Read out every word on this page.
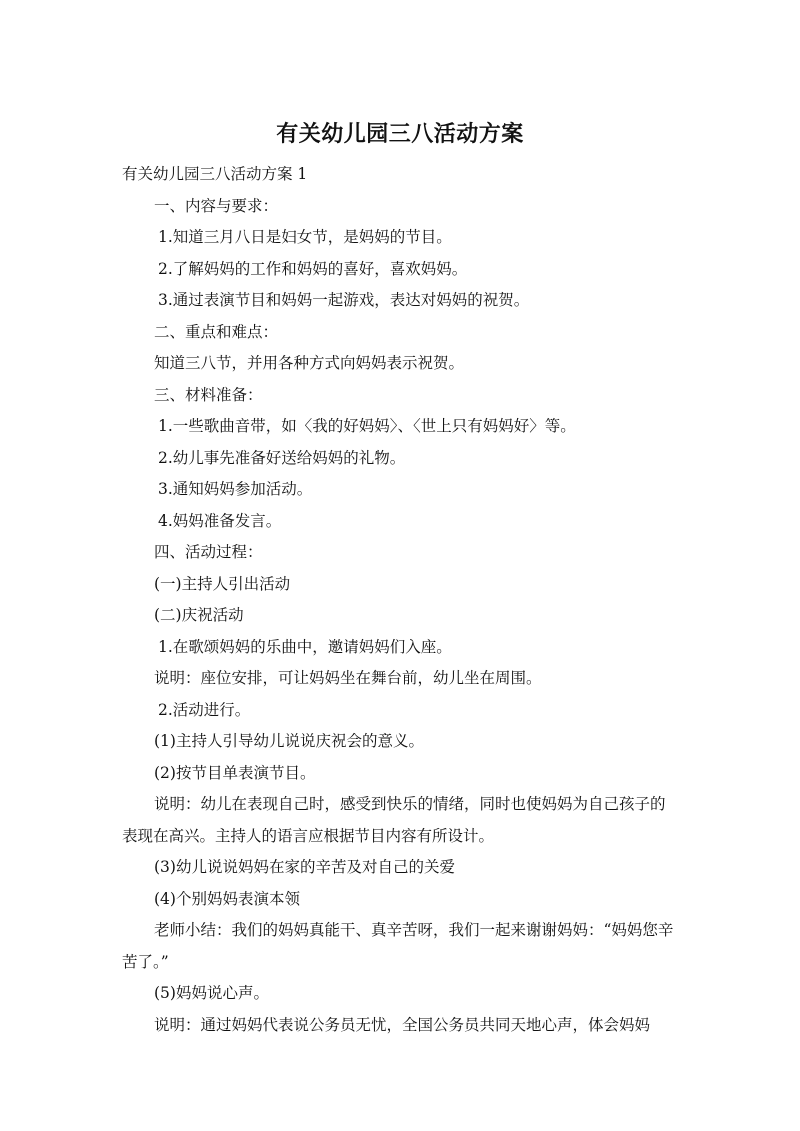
有关幼儿园三八活动方案

有关幼儿园三八活动方案 1

一、内容与要求：

1.知道三月八日是妇女节，是妈妈的节目。

2.了解妈妈的工作和妈妈的喜好，喜欢妈妈。

3.通过表演节目和妈妈一起游戏，表达对妈妈的祝贺。

二、重点和难点：

知道三八节，并用各种方式向妈妈表示祝贺。

三、材料准备：

1.一些歌曲音带，如〈我的好妈妈〉、〈世上只有妈妈好〉等。

2.幼儿事先准备好送给妈妈的礼物。

3.通知妈妈参加活动。

4.妈妈准备发言。

四、活动过程：

(一)主持人引出活动

(二)庆祝活动

1.在歌颂妈妈的乐曲中，邀请妈妈们入座。

说明：座位安排，可让妈妈坐在舞台前，幼儿坐在周围。

2.活动进行。

(1)主持人引导幼儿说说庆祝会的意义。

(2)按节目单表演节目。

说明：幼儿在表现自己时，感受到快乐的情绪，同时也使妈妈为自己孩子的表现在高兴。主持人的语言应根据节目内容有所设计。

(3)幼儿说说妈妈在家的辛苦及对自己的关爱

(4)个别妈妈表演本领

老师小结：我们的妈妈真能干、真辛苦呀，我们一起来谢谢妈妈：“妈妈您辛苦了。”

(5)妈妈说心声。

说明：通过妈妈代表说公务员无忧，全国公务员共同天地心声，体会妈妈
